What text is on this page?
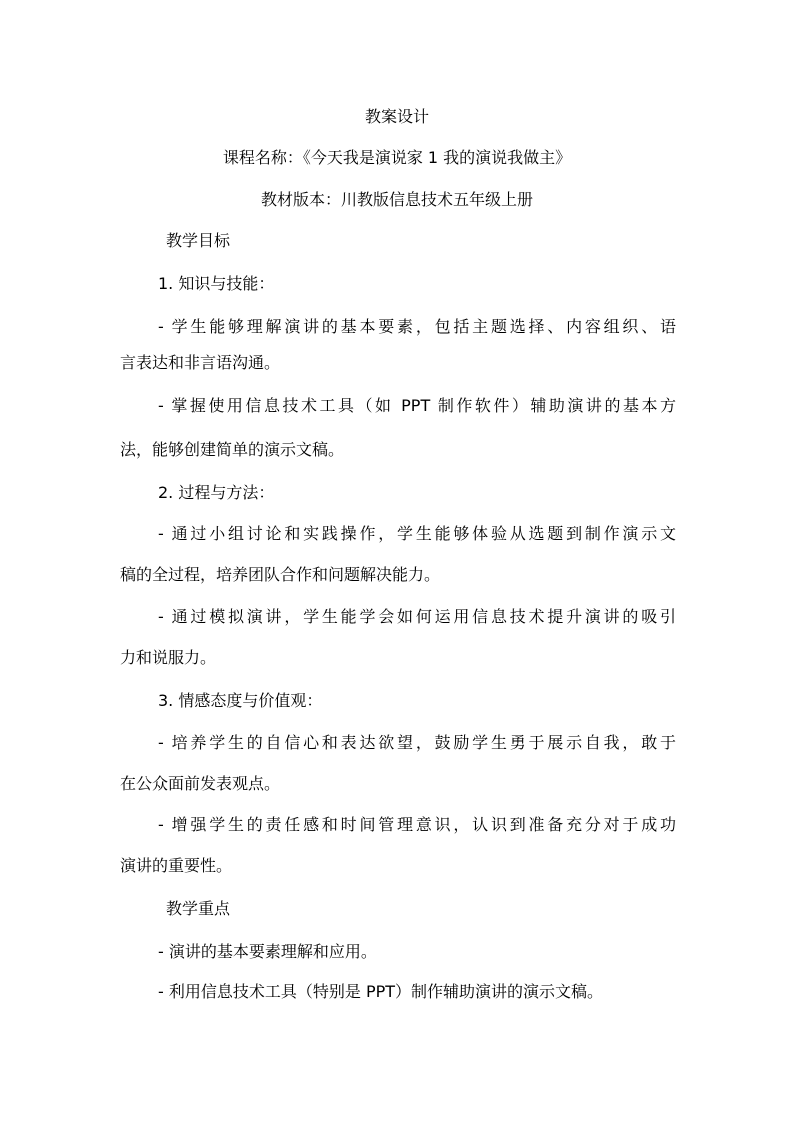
教案设计
课程名称：《今天我是演说家 1 我的演说我做主》
教材版本：川教版信息技术五年级上册
教学目标
1. 知识与技能：
- 学生能够理解演讲的基本要素，包括主题选择、内容组织、语
言表达和非言语沟通。
- 掌握使用信息技术工具（如 PPT 制作软件）辅助演讲的基本方
法，能够创建简单的演示文稿。
2. 过程与方法：
- 通过小组讨论和实践操作，学生能够体验从选题到制作演示文
稿的全过程，培养团队合作和问题解决能力。
- 通过模拟演讲，学生能学会如何运用信息技术提升演讲的吸引
力和说服力。
3. 情感态度与价值观：
- 培养学生的自信心和表达欲望，鼓励学生勇于展示自我，敢于
在公众面前发表观点。
- 增强学生的责任感和时间管理意识，认识到准备充分对于成功
演讲的重要性。
教学重点
- 演讲的基本要素理解和应用。
- 利用信息技术工具（特别是 PPT）制作辅助演讲的演示文稿。
